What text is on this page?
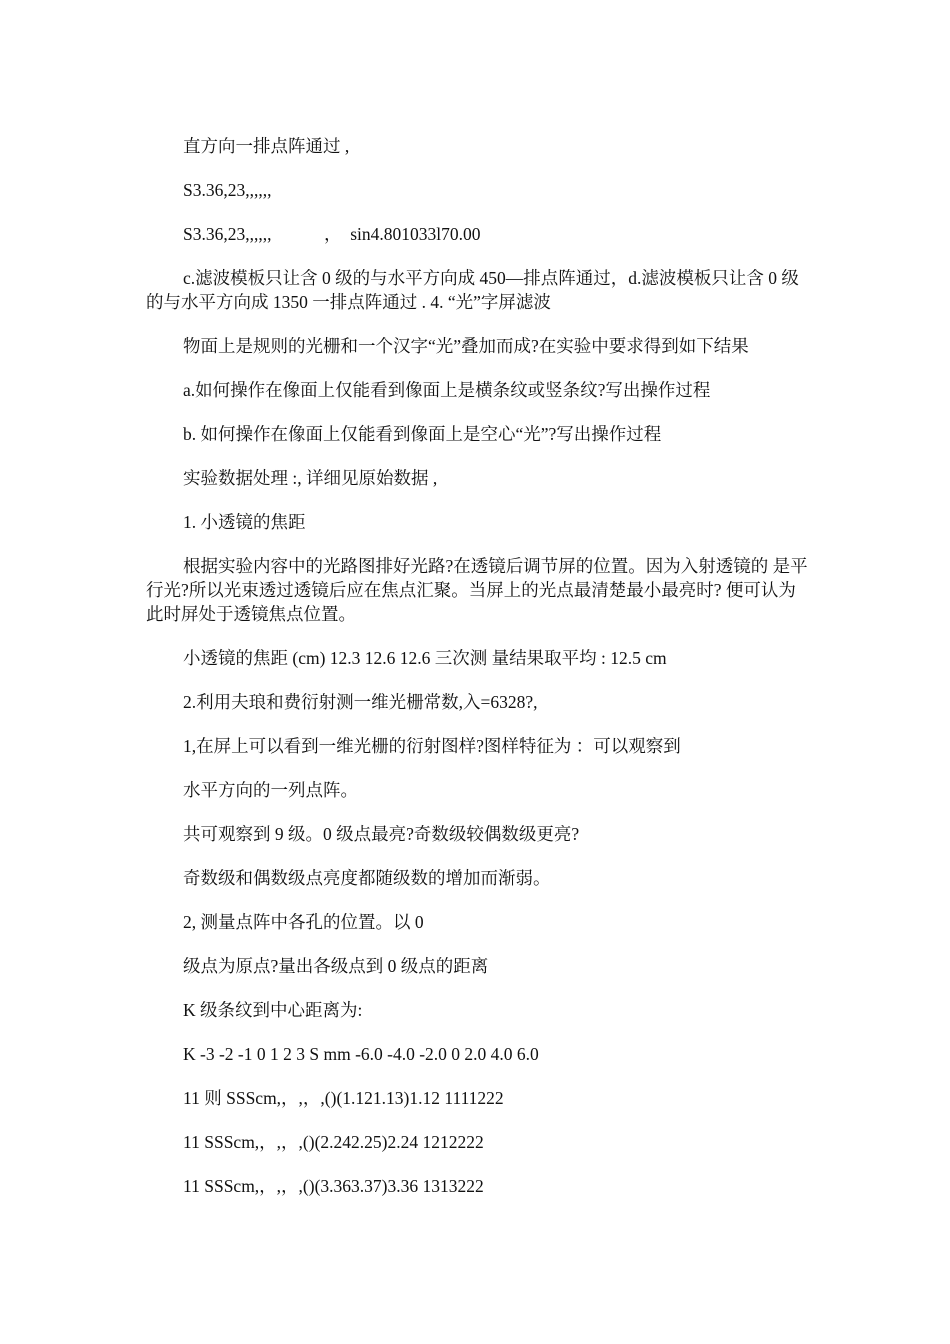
直方向一排点阵通过 ,

S3.36,23,,,,,,

S3.36,23,,,,,,　　　，　sin4.801033l70.00

c.滤波模板只让含 0 级的与水平方向成 450—排点阵通过，d.滤波模板只让含 0 级的与水平方向成 1350 一排点阵通过 . 4. “光”字屏滤波

物面上是规则的光栅和一个汉字“光”叠加而成?在实验中要求得到如下结果

a.如何操作在像面上仅能看到像面上是横条纹或竖条纹?写出操作过程

b. 如何操作在像面上仅能看到像面上是空心“光”?写出操作过程

实验数据处理 :, 详细见原始数据 ,

1. 小透镜的焦距

根据实验内容中的光路图排好光路?在透镜后调节屏的位置。因为入射透镜的 是平行光?所以光束透过透镜后应在焦点汇聚。当屏上的光点最清楚最小最亮时? 便可认为此时屏处于透镜焦点位置。

小透镜的焦距 (cm) 12.3 12.6 12.6 三次测 量结果取平均 : 12.5 cm

2.利用夫琅和费衍射测一维光栅常数,入=6328?,

1,在屏上可以看到一维光栅的衍射图样?图样特征为 ：可以观察到

水平方向的一列点阵。

共可观察到 9 级。0 级点最亮?奇数级较偶数级更亮?

奇数级和偶数级点亮度都随级数的增加而渐弱。

2, 测量点阵中各孔的位置。以 0

级点为原点?量出各级点到 0 级点的距离

K 级条纹到中心距离为:

K -3 -2 -1 0 1 2 3 S mm -6.0 -4.0 -2.0 0 2.0 4.0 6.0

11 则 SSScm,，,，,()(1.121.13)1.12 1111222

11 SSScm,，,，,()(2.242.25)2.24 1212222

11 SSScm,，,，,()(3.363.37)3.36 1313222
